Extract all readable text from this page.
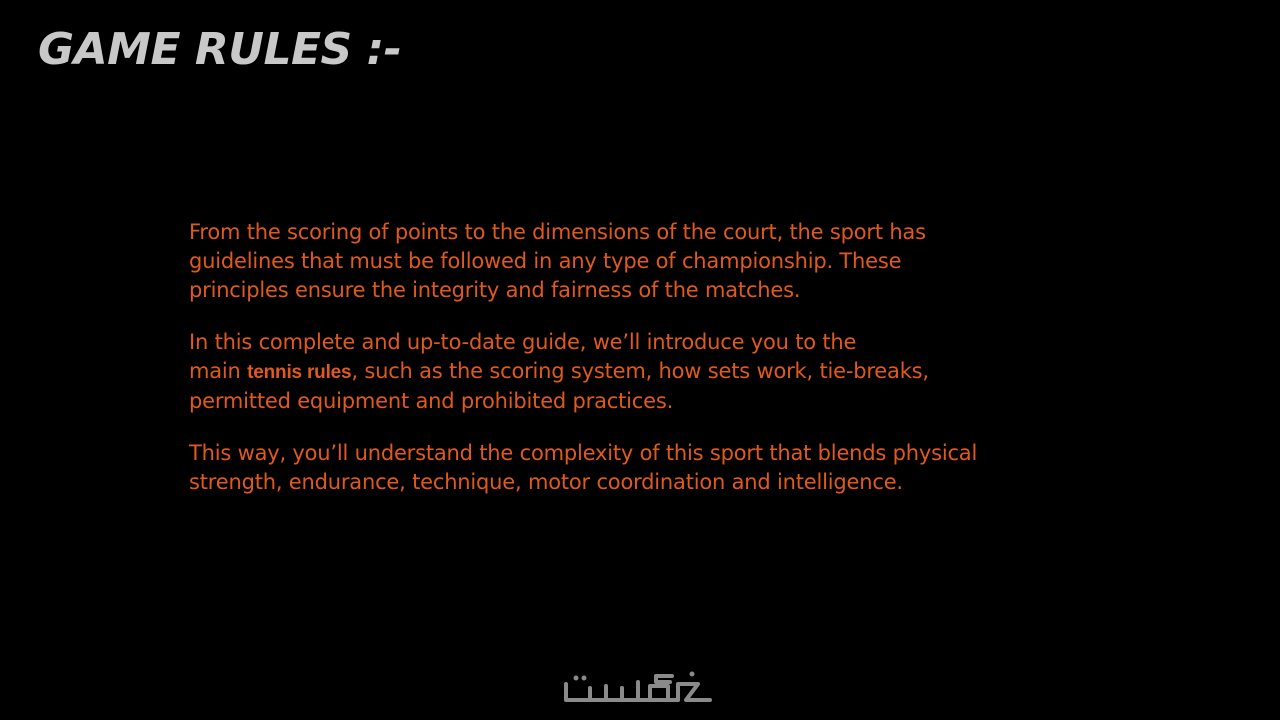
GAME RULES :-

From the scoring of points to the dimensions of the court, the sport has
guidelines that must be followed in any type of championship. These
principles ensure the integrity and fairness of the matches.

In this complete and up-to-date guide, we’ll introduce you to the
main tennis rules, such as the scoring system, how sets work, tie-breaks,
permitted equipment and prohibited practices.

This way, you’ll understand the complexity of this sport that blends physical
strength, endurance, technique, motor coordination and intelligence.
